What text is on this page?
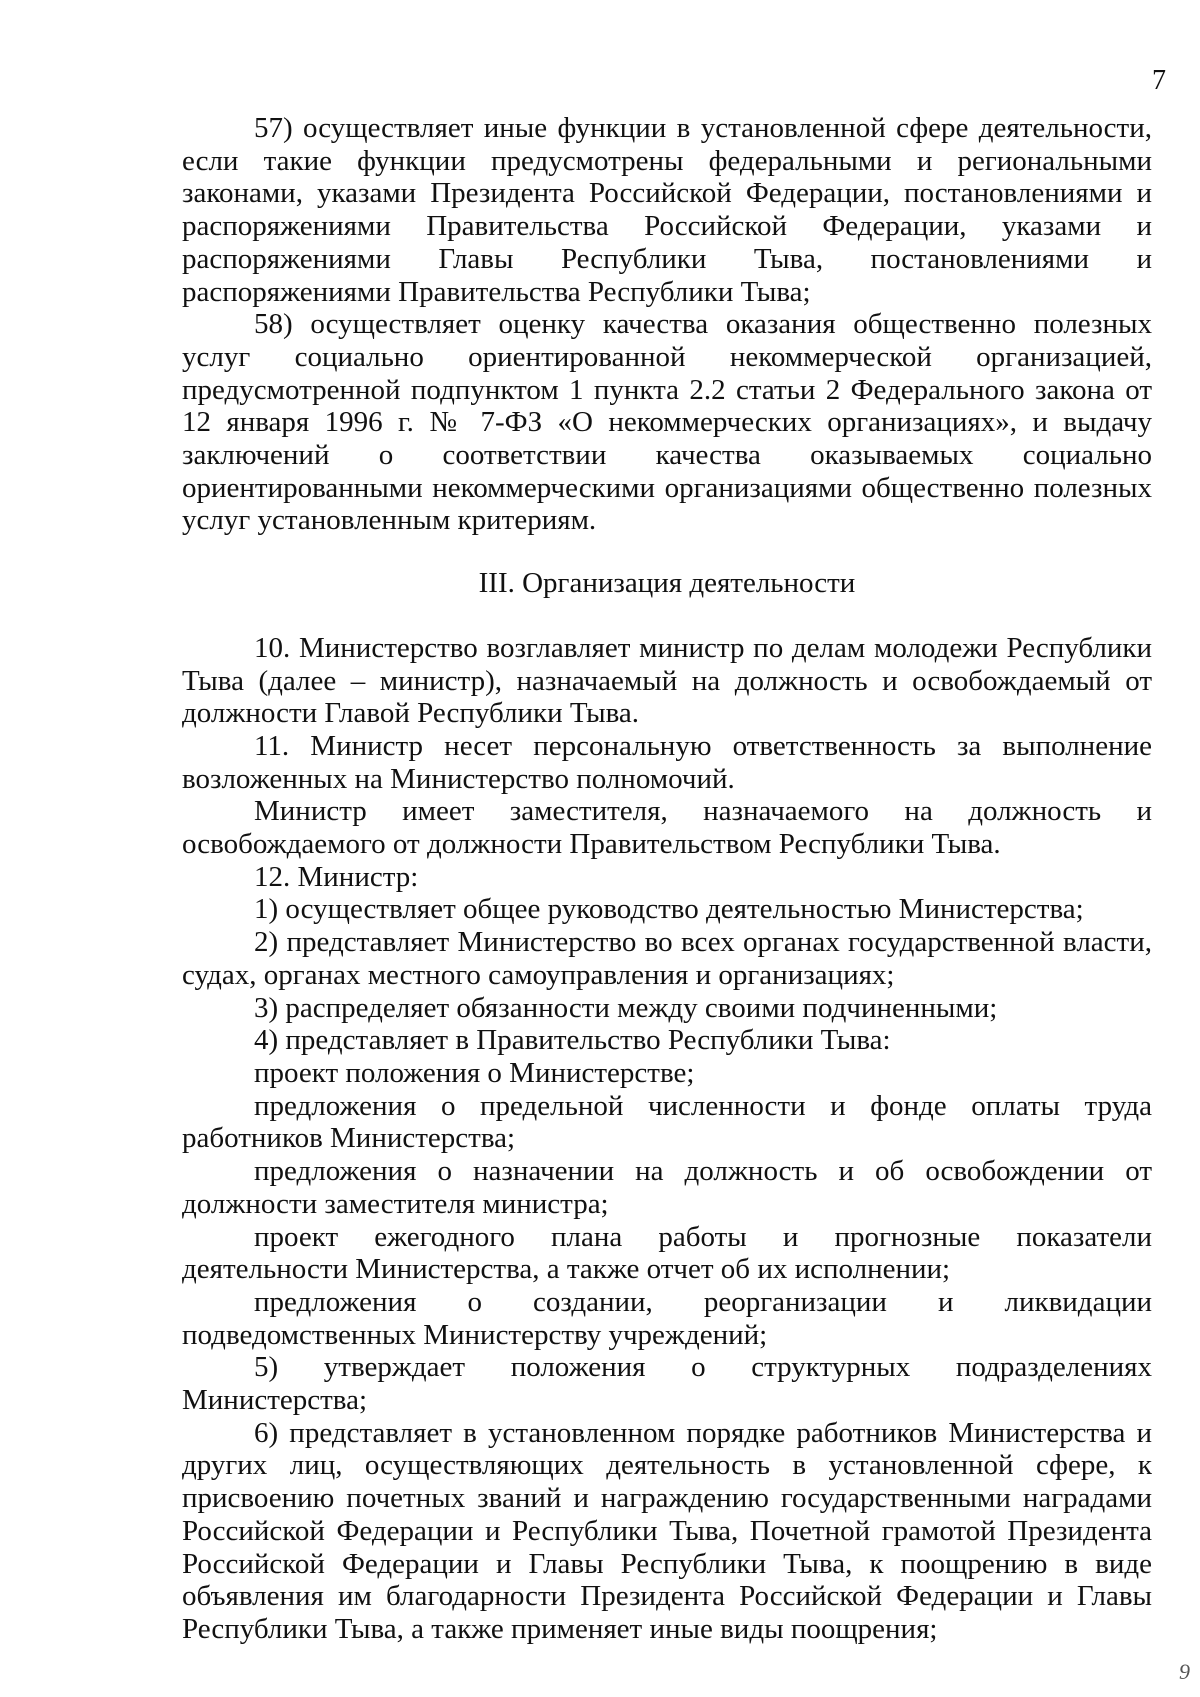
7

57) осуществляет иные функции в установленной сфере деятельности, если такие функции предусмотрены федеральными и региональными законами, указами Президента Российской Федерации, постановлениями и распоряжениями Правительства Российской Федерации, указами и распоряжениями Главы Республики Тыва, постановлениями и распоряжениями Правительства Республики Тыва;

58) осуществляет оценку качества оказания общественно полезных услуг социально ориентированной некоммерческой организацией, предусмотренной подпунктом 1 пункта 2.2 статьи 2 Федерального закона от 12 января 1996 г. № 7-ФЗ «О некоммерческих организациях», и выдачу заключений о соответствии качества оказываемых социально ориентированными некоммерческими организациями общественно полезных услуг установленным критериям.

III. Организация деятельности

10. Министерство возглавляет министр по делам молодежи Республики Тыва (далее – министр), назначаемый на должность и освобождаемый от должности Главой Республики Тыва.

11. Министр несет персональную ответственность за выполнение возложенных на Министерство полномочий.

Министр имеет заместителя, назначаемого на должность и освобождаемого от должности Правительством Республики Тыва.

12. Министр:

1) осуществляет общее руководство деятельностью Министерства;

2) представляет Министерство во всех органах государственной власти, судах, органах местного самоуправления и организациях;

3) распределяет обязанности между своими подчиненными;

4) представляет в Правительство Республики Тыва:

проект положения о Министерстве;

предложения о предельной численности и фонде оплаты труда работников Министерства;

предложения о назначении на должность и об освобождении от должности заместителя министра;

проект ежегодного плана работы и прогнозные показатели деятельности Министерства, а также отчет об их исполнении;

предложения о создании, реорганизации и ликвидации подведомственных Министерству учреждений;

5) утверждает положения о структурных подразделениях Министерства;

6) представляет в установленном порядке работников Министерства и других лиц, осуществляющих деятельность в установленной сфере, к присвоению почетных званий и награждению государственными наградами Российской Федерации и Республики Тыва, Почетной грамотой Президента Российской Федерации и Главы Республики Тыва, к поощрению в виде объявления им благодарности Президента Российской Федерации и Главы Республики Тыва, а также применяет иные виды поощрения;

9
